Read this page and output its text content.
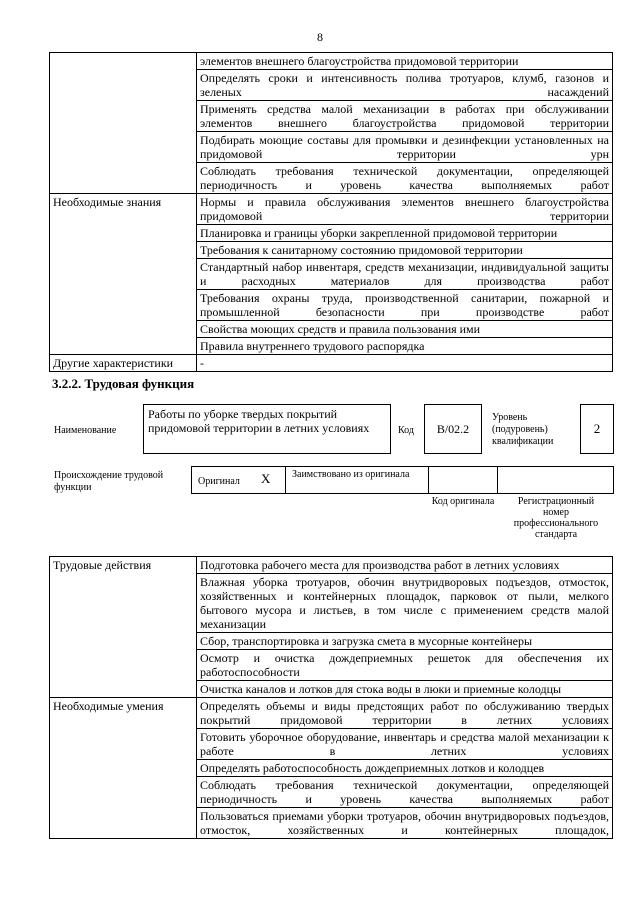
8
	элементов внешнего благоустройства придомовой территории
	Определять сроки и интенсивность полива тротуаров, клумб, газонов и зеленых насаждений
	Применять средства малой механизации в работах при обслуживании элементов внешнего благоустройства придомовой территории
	Подбирать моющие составы для промывки и дезинфекции установленных на придомовой территории урн
	Соблюдать требования технической документации, определяющей периодичность и уровень качества выполняемых работ
Необходимые знания	Нормы и правила обслуживания элементов внешнего благоустройства придомовой территории
	Планировка и границы уборки закрепленной придомовой территории
	Требования к санитарному состоянию придомовой территории
	Стандартный набор инвентаря, средств механизации, индивидуальной защиты и расходных материалов для производства работ
	Требования охраны труда, производственной санитарии, пожарной и промышленной безопасности при производстве работ
	Свойства моющих средств и правила пользования ими
	Правила внутреннего трудового распорядка
Другие характеристики	-
3.2.2. Трудовая функция
Наименование
Работы по уборке твердых покрытий придомовой территории в летних условиях	Код	B/02.2
Уровень (подуровень) квалификации
2
Происхождение трудовой функции
Оригинал X Заимствовано из оригинала
Код оригинала	Регистрационный номер профессионального стандарта
Трудовые действия	Подготовка рабочего места для производства работ в летних условиях
	Влажная уборка тротуаров, обочин внутридворовых подъездов, отмосток, хозяйственных и контейнерных площадок, парковок от пыли, мелкого бытового мусора и листьев, в том числе с применением средств малой механизации
	Сбор, транспортировка и загрузка смета в мусорные контейнеры
	Осмотр и очистка дождеприемных решеток для обеспечения их работоспособности
	Очистка каналов и лотков для стока воды в люки и приемные колодцы
Необходимые умения	Определять объемы и виды предстоящих работ по обслуживанию твердых покрытий придомовой территории в летних условиях
	Готовить уборочное оборудование, инвентарь и средства малой механизации к работе в летних условиях
	Определять работоспособность дождеприемных лотков и колодцев
	Соблюдать требования технической документации, определяющей периодичность и уровень качества выполняемых работ
	Пользоваться приемами уборки тротуаров, обочин внутридворовых подъездов, отмосток, хозяйственных и контейнерных площадок,
